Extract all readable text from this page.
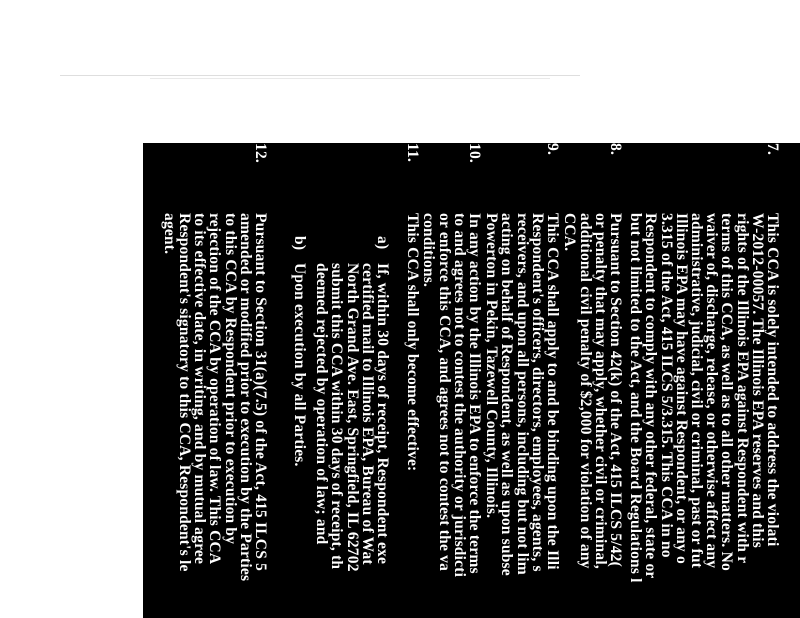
7.
This CCA is solely intended to address the violati
W-2012-00057. The Illinois EPA reserves and this
rights of the Illinois EPA against Respondent with r
terms of this CCA, as well as to all other matters. No
waiver of, discharge, release, or otherwise affect any
administrative, judicial, civil or criminal, past or fut
Illinois EPA may have against Respondent, or any o
3.315 of the Act, 415 ILCS 5/3.315. This CCA in no
Respondent to comply with any other federal, state or
but not limited to the Act, and the Board Regulations l
8.
Pursuant to Section 42(k) of the Act, 415 ILCS 5/42(
or penalty that may apply, whether civil or criminal,
additional civil penalty of $2,000 for violation of any
CCA.
9.
This CCA shall apply to and be binding upon the Illi
Respondent's officers, directors, employees, agents, s
receivers, and upon all persons, including but not lim
acting on behalf of Respondent, as well as upon subse
Powerton in Pekin, Tazewell County, Illinois.
10.
In any action by the Illinois EPA to enforce the terms
to and agrees not to contest the authority or jurisdicti
or enforce this CCA, and agrees not to contest the va
conditions.
11.
This CCA shall only become effective:
a)
If, within 30 days of receipt, Respondent exe
certified mail to Illinois EPA, Bureau of Wat
North Grand Ave. East, Springfield, IL 62702
submit this CCA within 30 days of receipt, th
deemed rejected by operation of law; and
b)
Upon execution by all Parties.
12.
Pursuant to Section 31(a)(7.5) of the Act, 415 ILCS 5
amended or modified prior to execution by the Parties
to this CCA by Respondent prior to execution by
rejection of the CCA by operation of law. This CCA
to its effective date, in writing, and by mutual agree
Respondent's signatory to this CCA, Respondent's le
agent.
